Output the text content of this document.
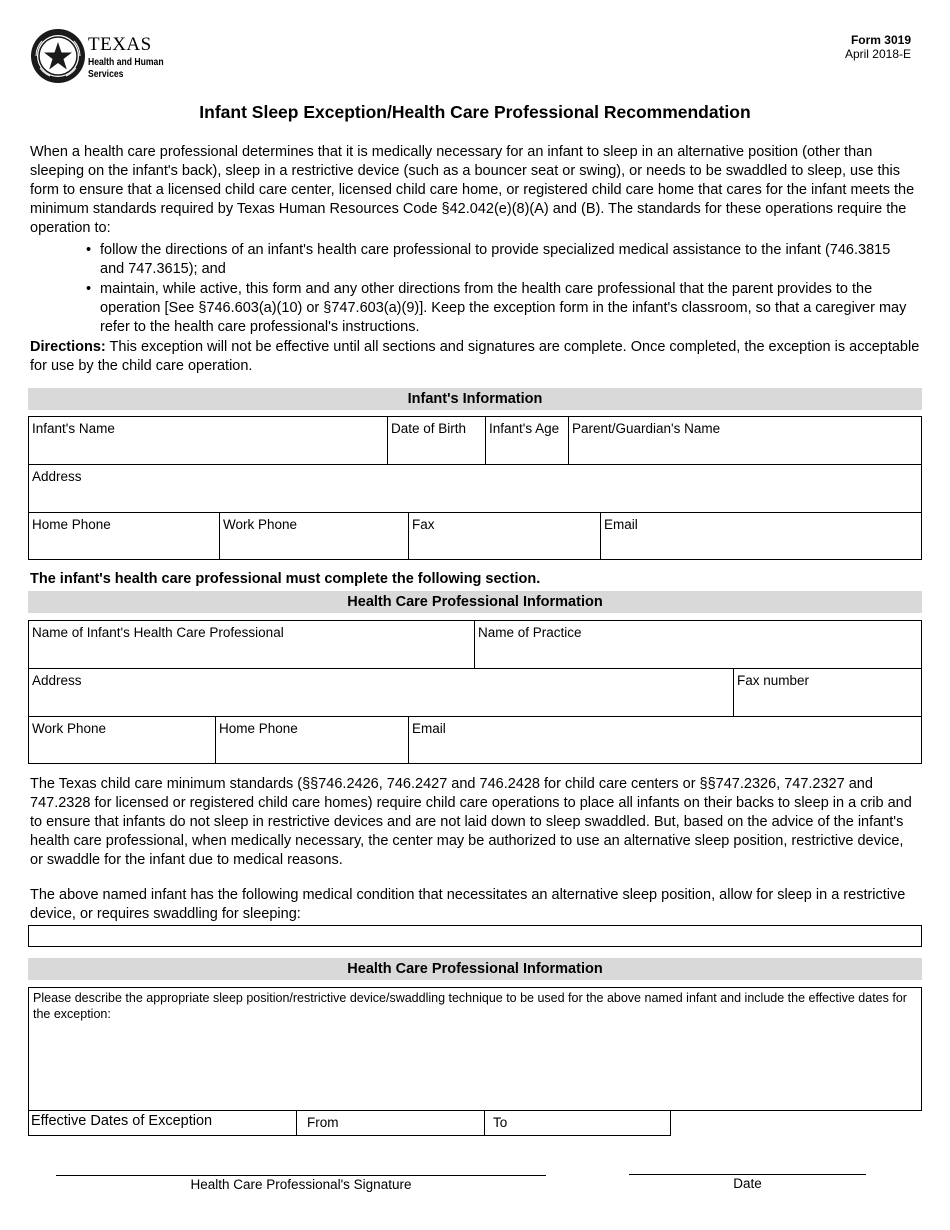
TEXAS
Health and Human
Services
Form 3019
April 2018-E
Infant Sleep Exception/Health Care Professional Recommendation
When a health care professional determines that it is medically necessary for an infant to sleep in an alternative position (other than sleeping on the infant's back), sleep in a restrictive device (such as a bouncer seat or swing), or needs to be swaddled to sleep, use this form to ensure that a licensed child care center, licensed child care home, or registered child care home that cares for the infant meets the minimum standards required by Texas Human Resources Code §42.042(e)(8)(A) and (B). The standards for these operations require the operation to:
• follow the directions of an infant's health care professional to provide specialized medical assistance to the infant (746.3815 and 747.3615); and
• maintain, while active, this form and any other directions from the health care professional that the parent provides to the operation [See §746.603(a)(10) or §747.603(a)(9)]. Keep the exception form in the infant's classroom, so that a caregiver may refer to the health care professional's instructions.
Directions: This exception will not be effective until all sections and signatures are complete. Once completed, the exception is acceptable for use by the child care operation.
Infant's Information
Infant's Name	Date of Birth	Infant's Age Parent/Guardian's Name
Address
Home Phone	Work Phone	Fax	Email
The infant's health care professional must complete the following section.
Health Care Professional Information
Name of Infant's Health Care Professional	Name of Practice
Address	Fax number
Work Phone	Home Phone	Email
The Texas child care minimum standards (§§746.2426, 746.2427 and 746.2428 for child care centers or §§747.2326, 747.2327 and 747.2328 for licensed or registered child care homes) require child care operations to place all infants on their backs to sleep in a crib and to ensure that infants do not sleep in restrictive devices and are not laid down to sleep swaddled. But, based on the advice of the infant's health care professional, when medically necessary, the center may be authorized to use an alternative sleep position, restrictive device, or swaddle for the infant due to medical reasons.
The above named infant has the following medical condition that necessitates an alternative sleep position, allow for sleep in a restrictive device, or requires swaddling for sleeping:
Health Care Professional Information
Please describe the appropriate sleep position/restrictive device/swaddling technique to be used for the above named infant and include the effective dates for the exception:
Effective Dates of Exception	From	To
Health Care Professional's Signature	Date
